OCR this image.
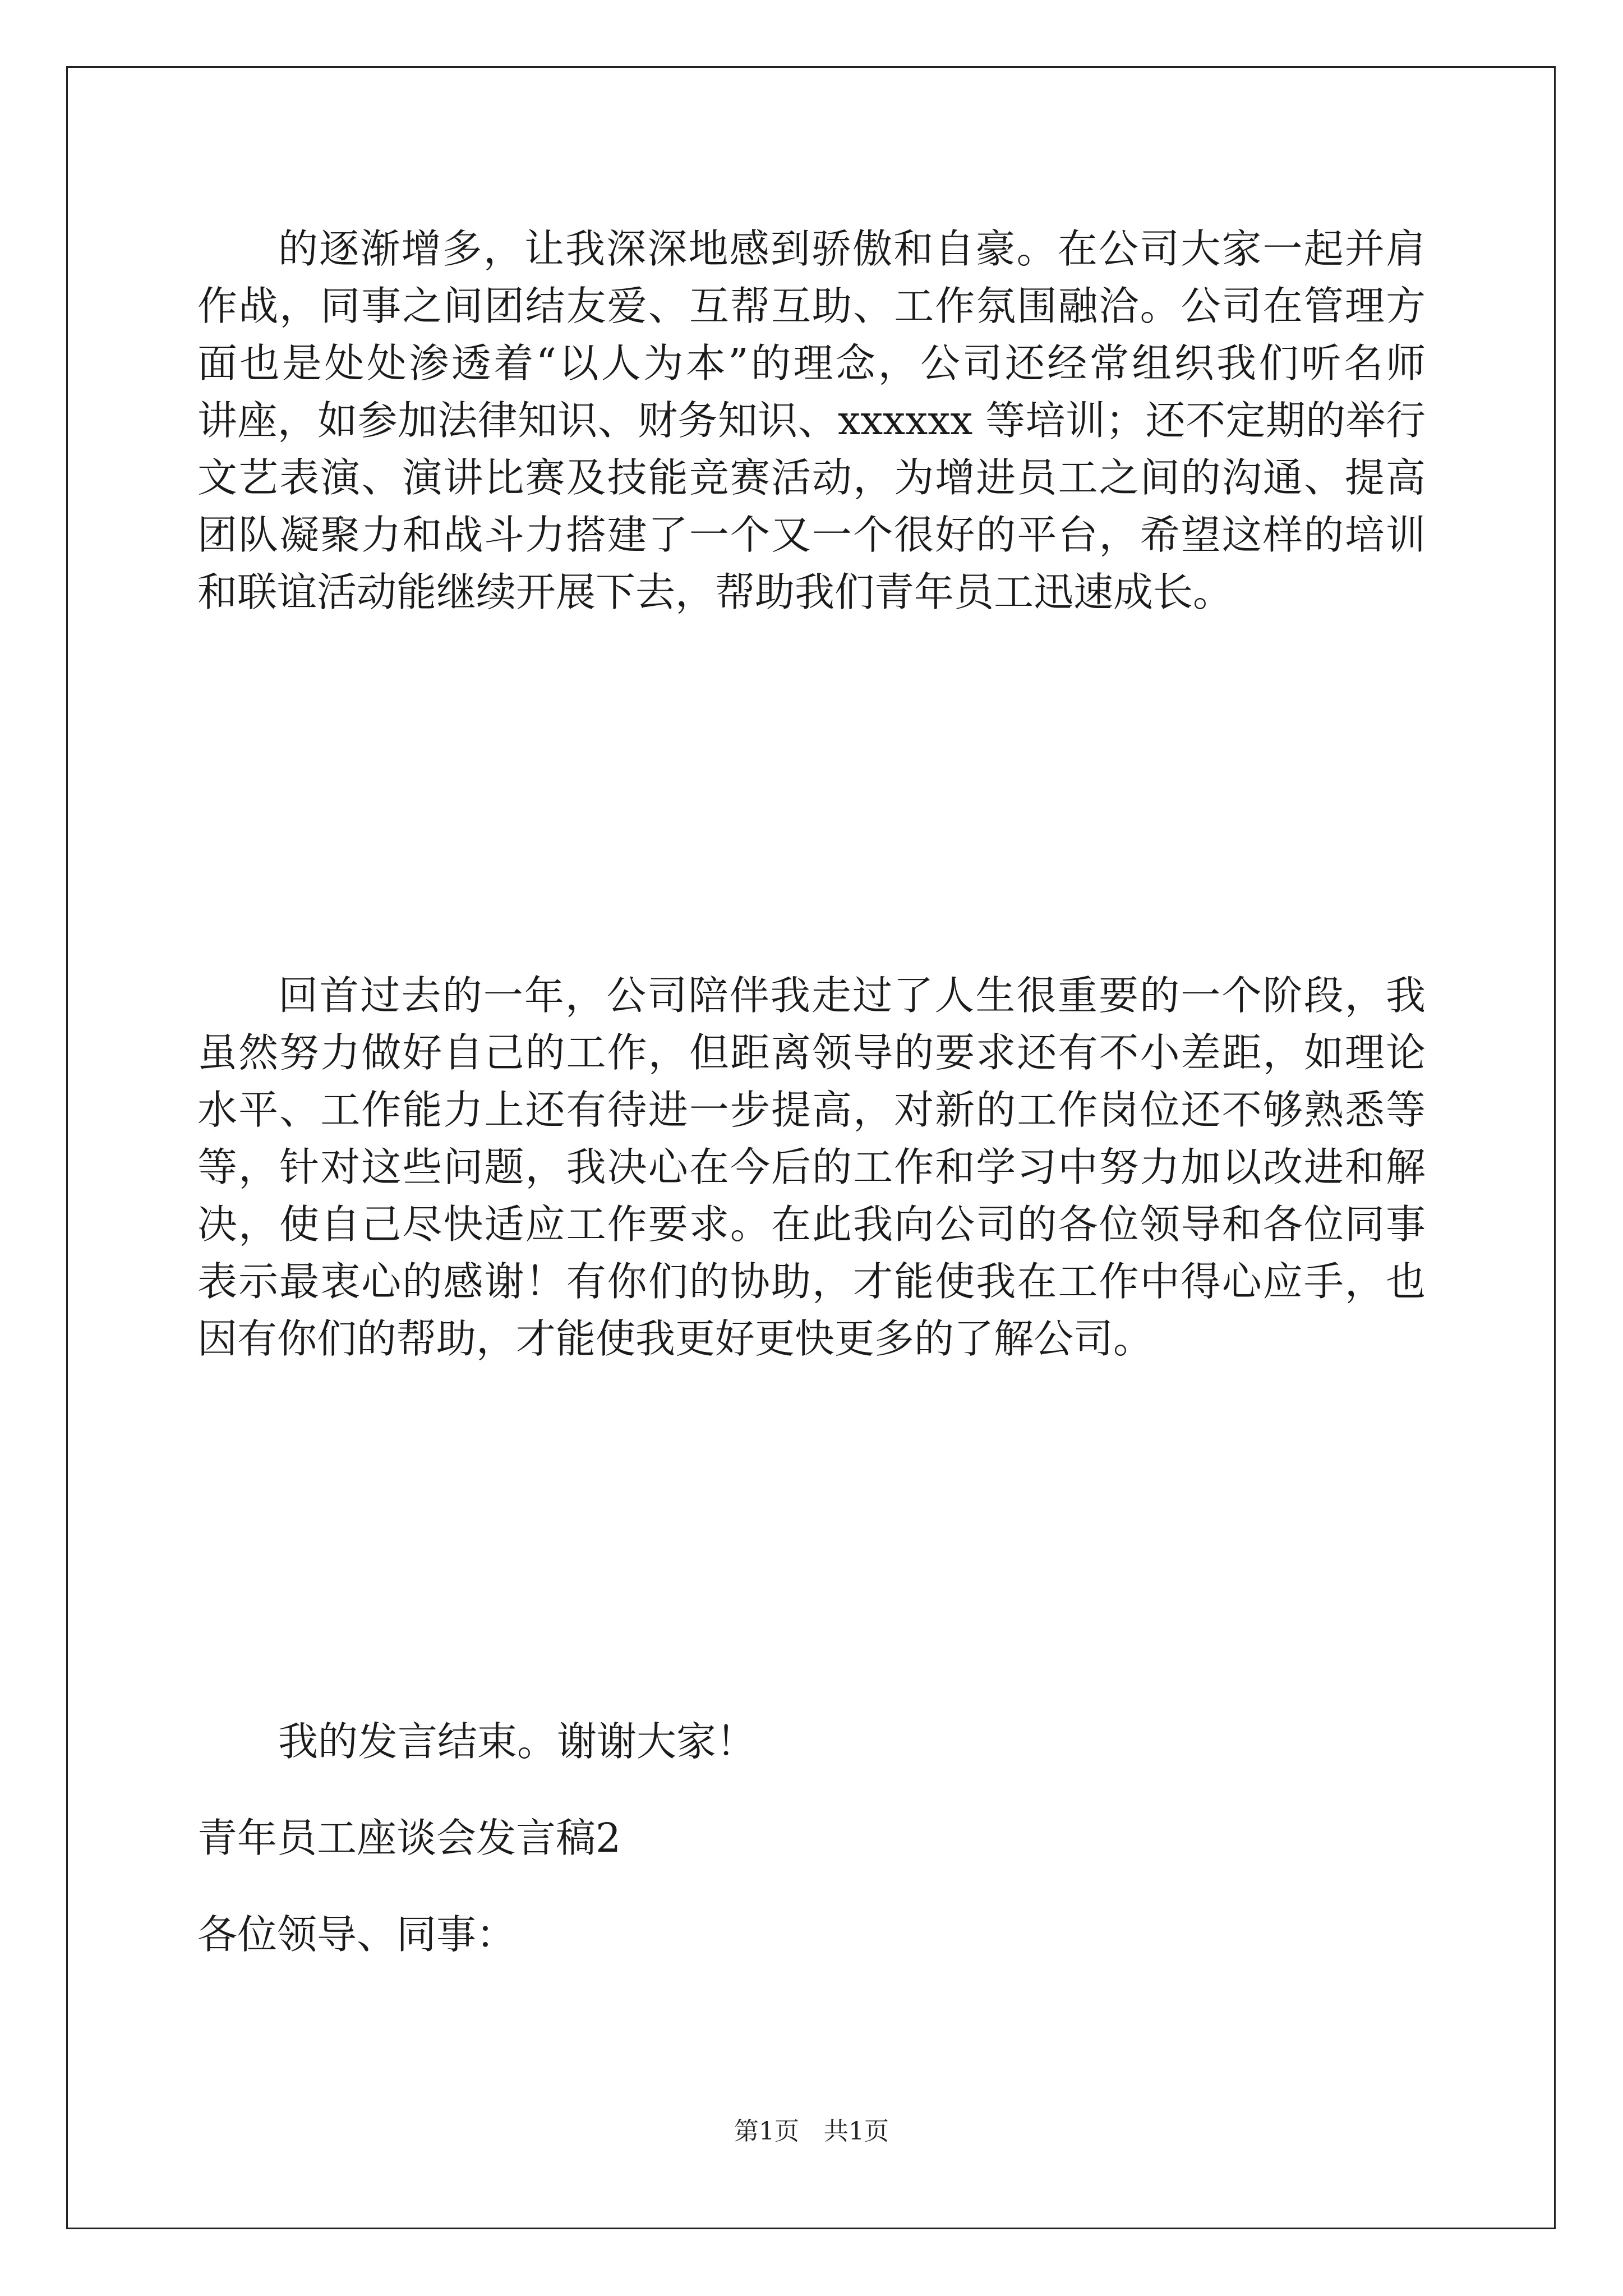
的逐渐增多，让我深深地感到骄傲和自豪。在公司大家一起并肩
作战，同事之间团结友爱、互帮互助、工作氛围融洽。公司在管理方
面也是处处渗透着“以人为本”的理念，公司还经常组织我们听名师
讲座，如参加法律知识、财务知识、xxxxxx 等培训；还不定期的举行
文艺表演、演讲比赛及技能竞赛活动，为增进员工之间的沟通、提高
团队凝聚力和战斗力搭建了一个又一个很好的平台，希望这样的培训
和联谊活动能继续开展下去，帮助我们青年员工迅速成长。
回首过去的一年，公司陪伴我走过了人生很重要的一个阶段，我
虽然努力做好自己的工作，但距离领导的要求还有不小差距，如理论
水平、工作能力上还有待进一步提高，对新的工作岗位还不够熟悉等
等，针对这些问题，我决心在今后的工作和学习中努力加以改进和解
决，使自己尽快适应工作要求。在此我向公司的各位领导和各位同事
表示最衷心的感谢！有你们的协助，才能使我在工作中得心应手，也
因有你们的帮助，才能使我更好更快更多的了解公司。
我的发言结束。谢谢大家！
青年员工座谈会发言稿2
各位领导、同事：
第1页　共1页
